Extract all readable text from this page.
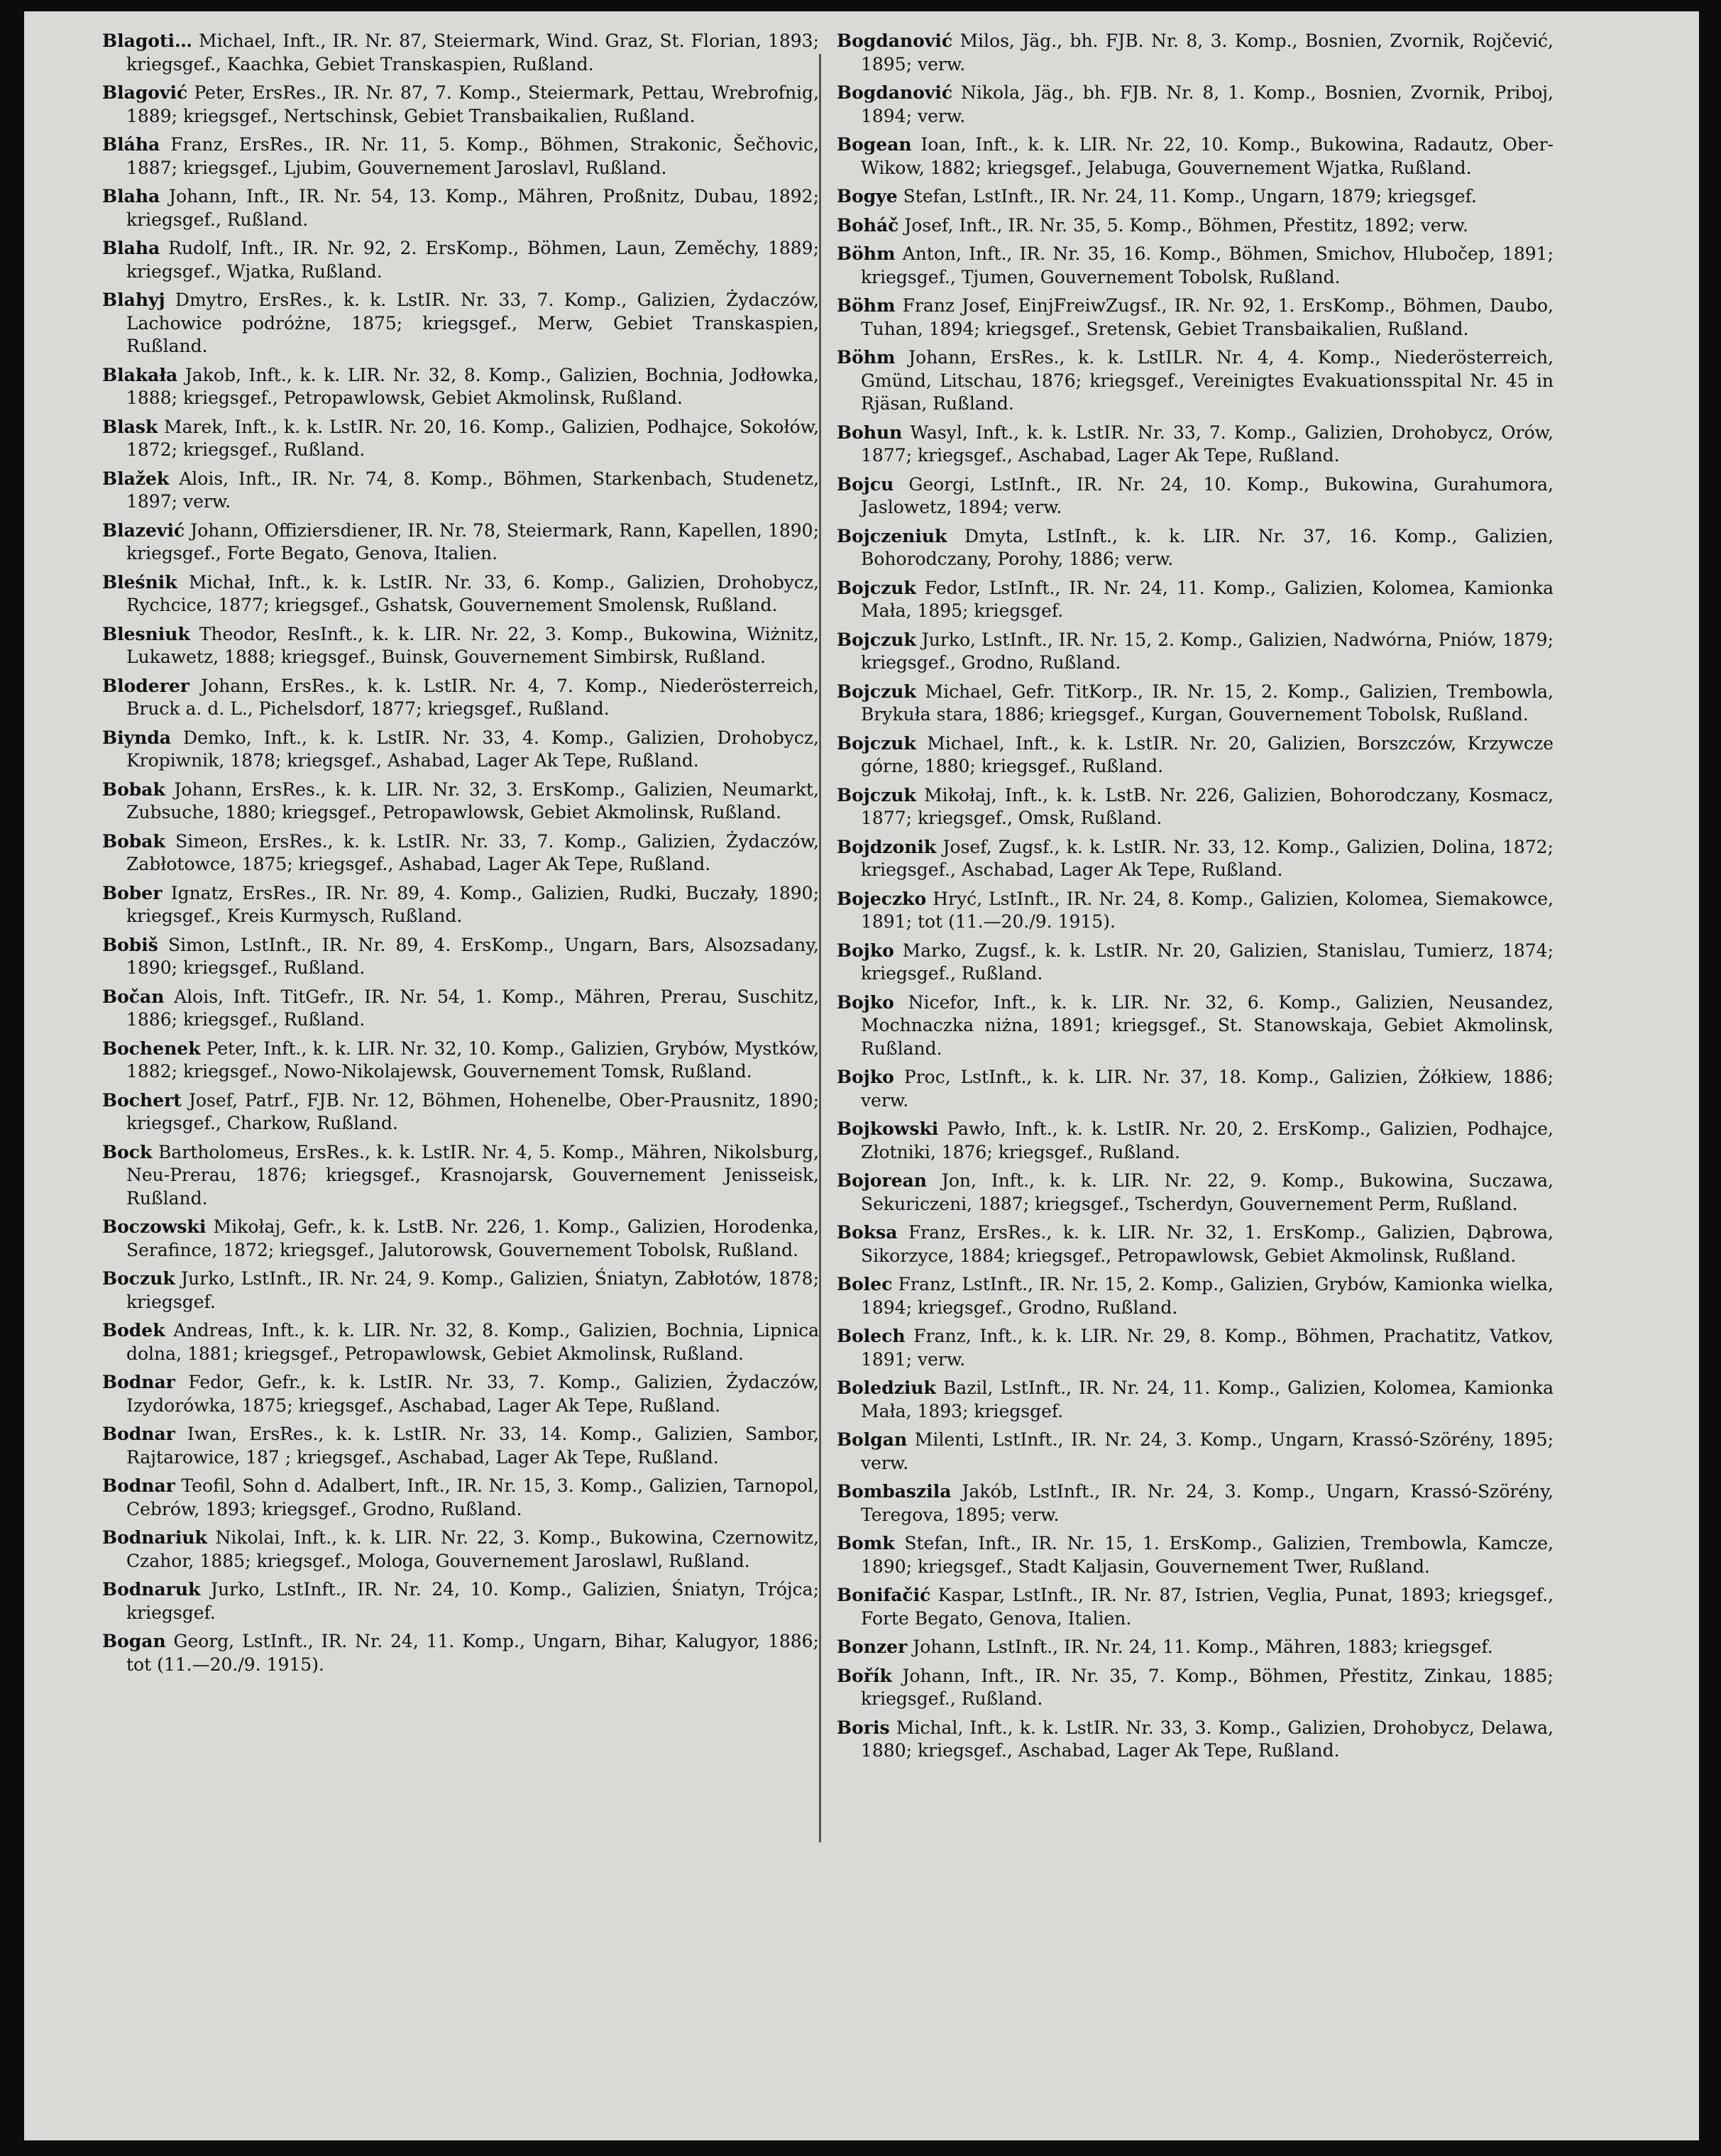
Blagoti… Michael, Inft., IR. Nr. 87, Steiermark, Wind. Graz, St. Florian, 1893; kriegsgef., Kaachka, Gebiet Transkaspien, Rußland.

Blagović Peter, ErsRes., IR. Nr. 87, 7. Komp., Steiermark, Pettau, Wrebrofnig, 1889; kriegsgef., Nertschinsk, Gebiet Transbaikalien, Rußland.

Bláha Franz, ErsRes., IR. Nr. 11, 5. Komp., Böhmen, Strakonic, Šečhovic, 1887; kriegsgef., Ljubim, Gouvernement Jaroslavl, Rußland.

Blaha Johann, Inft., IR. Nr. 54, 13. Komp., Mähren, Proßnitz, Dubau, 1892; kriegsgef., Rußland.

Blaha Rudolf, Inft., IR. Nr. 92, 2. ErsKomp., Böhmen, Laun, Zeměchy, 1889; kriegsgef., Wjatka, Rußland.

Blahyj Dmytro, ErsRes., k. k. LstIR. Nr. 33, 7. Komp., Galizien, Żydaczów, Lachowice podróżne, 1875; kriegsgef., Merw, Gebiet Transkaspien, Rußland.

Blakała Jakob, Inft., k. k. LIR. Nr. 32, 8. Komp., Galizien, Bochnia, Jodłowka, 1888; kriegsgef., Petropawlowsk, Gebiet Akmolinsk, Rußland.

Blask Marek, Inft., k. k. LstIR. Nr. 20, 16. Komp., Galizien, Podhajce, Sokołów, 1872; kriegsgef., Rußland.

Blažek Alois, Inft., IR. Nr. 74, 8. Komp., Böhmen, Starkenbach, Studenetz, 1897; verw.

Blazević Johann, Offiziersdiener, IR. Nr. 78, Steiermark, Rann, Kapellen, 1890; kriegsgef., Forte Begato, Genova, Italien.

Bleśnik Michał, Inft., k. k. LstIR. Nr. 33, 6. Komp., Galizien, Drohobycz, Rychcice, 1877; kriegsgef., Gshatsk, Gouvernement Smolensk, Rußland.

Blesniuk Theodor, ResInft., k. k. LIR. Nr. 22, 3. Komp., Bukowina, Wiżnitz, Lukawetz, 1888; kriegsgef., Buinsk, Gouvernement Simbirsk, Rußland.

Bloderer Johann, ErsRes., k. k. LstIR. Nr. 4, 7. Komp., Niederösterreich, Bruck a. d. L., Pichelsdorf, 1877; kriegsgef., Rußland.

Biynda Demko, Inft., k. k. LstIR. Nr. 33, 4. Komp., Galizien, Drohobycz, Kropiwnik, 1878; kriegsgef., Ashabad, Lager Ak Tepe, Rußland.

Bobak Johann, ErsRes., k. k. LIR. Nr. 32, 3. ErsKomp., Galizien, Neumarkt, Zubsuche, 1880; kriegsgef., Petropawlowsk, Gebiet Akmolinsk, Rußland.

Bobak Simeon, ErsRes., k. k. LstIR. Nr. 33, 7. Komp., Galizien, Żydaczów, Zabłotowce, 1875; kriegsgef., Ashabad, Lager Ak Tepe, Rußland.

Bober Ignatz, ErsRes., IR. Nr. 89, 4. Komp., Galizien, Rudki, Buczały, 1890; kriegsgef., Kreis Kurmysch, Rußland.

Bobiš Simon, LstInft., IR. Nr. 89, 4. ErsKomp., Ungarn, Bars, Alsozsadany, 1890; kriegsgef., Rußland.

Bočan Alois, Inft. TitGefr., IR. Nr. 54, 1. Komp., Mähren, Prerau, Suschitz, 1886; kriegsgef., Rußland.

Bochenek Peter, Inft., k. k. LIR. Nr. 32, 10. Komp., Galizien, Grybów, Mystków, 1882; kriegsgef., Nowo-Nikolajewsk, Gouvernement Tomsk, Rußland.

Bochert Josef, Patrf., FJB. Nr. 12, Böhmen, Hohenelbe, Ober-Prausnitz, 1890; kriegsgef., Charkow, Rußland.

Bock Bartholomeus, ErsRes., k. k. LstIR. Nr. 4, 5. Komp., Mähren, Nikolsburg, Neu-Prerau, 1876; kriegsgef., Krasnojarsk, Gouvernement Jenisseisk, Rußland.

Boczowski Mikołaj, Gefr., k. k. LstB. Nr. 226, 1. Komp., Galizien, Horodenka, Serafince, 1872; kriegsgef., Jalutorowsk, Gouvernement Tobolsk, Rußland.

Boczuk Jurko, LstInft., IR. Nr. 24, 9. Komp., Galizien, Śniatyn, Zabłotów, 1878; kriegsgef.

Bodek Andreas, Inft., k. k. LIR. Nr. 32, 8. Komp., Galizien, Bochnia, Lipnica dolna, 1881; kriegsgef., Petropawlowsk, Gebiet Akmolinsk, Rußland.

Bodnar Fedor, Gefr., k. k. LstIR. Nr. 33, 7. Komp., Galizien, Żydaczów, Izydorówka, 1875; kriegsgef., Aschabad, Lager Ak Tepe, Rußland.

Bodnar Iwan, ErsRes., k. k. LstIR. Nr. 33, 14. Komp., Galizien, Sambor, Rajtarowice, 187 ; kriegsgef., Aschabad, Lager Ak Tepe, Rußland.

Bodnar Teofil, Sohn d. Adalbert, Inft., IR. Nr. 15, 3. Komp., Galizien, Tarnopol, Cebrów, 1893; kriegsgef., Grodno, Rußland.

Bodnariuk Nikolai, Inft., k. k. LIR. Nr. 22, 3. Komp., Bukowina, Czernowitz, Czahor, 1885; kriegsgef., Mologa, Gouvernement Jaroslawl, Rußland.

Bodnaruk Jurko, LstInft., IR. Nr. 24, 10. Komp., Galizien, Śniatyn, Trójca; kriegsgef.

Bogan Georg, LstInft., IR. Nr. 24, 11. Komp., Ungarn, Bihar, Kalugyor, 1886; tot (11.—20./9. 1915).

Bogdanović Milos, Jäg., bh. FJB. Nr. 8, 3. Komp., Bosnien, Zvornik, Rojčević, 1895; verw.

Bogdanović Nikola, Jäg., bh. FJB. Nr. 8, 1. Komp., Bosnien, Zvornik, Priboj, 1894; verw.

Bogean Ioan, Inft., k. k. LIR. Nr. 22, 10. Komp., Bukowina, Radautz, Ober-Wikow, 1882; kriegsgef., Jelabuga, Gouvernement Wjatka, Rußland.

Bogye Stefan, LstInft., IR. Nr. 24, 11. Komp., Ungarn, 1879; kriegsgef.

Boháč Josef, Inft., IR. Nr. 35, 5. Komp., Böhmen, Přestitz, 1892; verw.

Böhm Anton, Inft., IR. Nr. 35, 16. Komp., Böhmen, Smichov, Hlubočep, 1891; kriegsgef., Tjumen, Gouvernement Tobolsk, Rußland.

Böhm Franz Josef, EinjFreiwZugsf., IR. Nr. 92, 1. ErsKomp., Böhmen, Daubo, Tuhan, 1894; kriegsgef., Sretensk, Gebiet Transbaikalien, Rußland.

Böhm Johann, ErsRes., k. k. LstILR. Nr. 4, 4. Komp., Niederösterreich, Gmünd, Litschau, 1876; kriegsgef., Vereinigtes Evakuationsspital Nr. 45 in Rjäsan, Rußland.

Bohun Wasyl, Inft., k. k. LstIR. Nr. 33, 7. Komp., Galizien, Drohobycz, Orów, 1877; kriegsgef., Aschabad, Lager Ak Tepe, Rußland.

Bojcu Georgi, LstInft., IR. Nr. 24, 10. Komp., Bukowina, Gurahumora, Jaslowetz, 1894; verw.

Bojczeniuk Dmyta, LstInft., k. k. LIR. Nr. 37, 16. Komp., Galizien, Bohorodczany, Porohy, 1886; verw.

Bojczuk Fedor, LstInft., IR. Nr. 24, 11. Komp., Galizien, Kolomea, Kamionka Mała, 1895; kriegsgef.

Bojczuk Jurko, LstInft., IR. Nr. 15, 2. Komp., Galizien, Nadwórna, Pniów, 1879; kriegsgef., Grodno, Rußland.

Bojczuk Michael, Gefr. TitKorp., IR. Nr. 15, 2. Komp., Galizien, Trembowla, Brykuła stara, 1886; kriegsgef., Kurgan, Gouvernement Tobolsk, Rußland.

Bojczuk Michael, Inft., k. k. LstIR. Nr. 20, Galizien, Borszczów, Krzywcze górne, 1880; kriegsgef., Rußland.

Bojczuk Mikołaj, Inft., k. k. LstB. Nr. 226, Galizien, Bohorodczany, Kosmacz, 1877; kriegsgef., Omsk, Rußland.

Bojdzonik Josef, Zugsf., k. k. LstIR. Nr. 33, 12. Komp., Galizien, Dolina, 1872; kriegsgef., Aschabad, Lager Ak Tepe, Rußland.

Bojeczko Hryć, LstInft., IR. Nr. 24, 8. Komp., Galizien, Kolomea, Siemakowce, 1891; tot (11.—20./9. 1915).

Bojko Marko, Zugsf., k. k. LstIR. Nr. 20, Galizien, Stanislau, Tumierz, 1874; kriegsgef., Rußland.

Bojko Nicefor, Inft., k. k. LIR. Nr. 32, 6. Komp., Galizien, Neusandez, Mochnaczka niżna, 1891; kriegsgef., St. Stanowskaja, Gebiet Akmolinsk, Rußland.

Bojko Proc, LstInft., k. k. LIR. Nr. 37, 18. Komp., Galizien, Żółkiew, 1886; verw.

Bojkowski Pawło, Inft., k. k. LstIR. Nr. 20, 2. ErsKomp., Galizien, Podhajce, Złotniki, 1876; kriegsgef., Rußland.

Bojorean Jon, Inft., k. k. LIR. Nr. 22, 9. Komp., Bukowina, Suczawa, Sekuriczeni, 1887; kriegsgef., Tscherdyn, Gouvernement Perm, Rußland.

Boksa Franz, ErsRes., k. k. LIR. Nr. 32, 1. ErsKomp., Galizien, Dąbrowa, Sikorzyce, 1884; kriegsgef., Petropawlowsk, Gebiet Akmolinsk, Rußland.

Bolec Franz, LstInft., IR. Nr. 15, 2. Komp., Galizien, Grybów, Kamionka wielka, 1894; kriegsgef., Grodno, Rußland.

Bolech Franz, Inft., k. k. LIR. Nr. 29, 8. Komp., Böhmen, Prachatitz, Vatkov, 1891; verw.

Boledziuk Bazil, LstInft., IR. Nr. 24, 11. Komp., Galizien, Kolomea, Kamionka Mała, 1893; kriegsgef.

Bolgan Milenti, LstInft., IR. Nr. 24, 3. Komp., Ungarn, Krassó-Szörény, 1895; verw.

Bombaszila Jakób, LstInft., IR. Nr. 24, 3. Komp., Ungarn, Krassó-Szörény, Teregova, 1895; verw.

Bomk Stefan, Inft., IR. Nr. 15, 1. ErsKomp., Galizien, Trembowla, Kamcze, 1890; kriegsgef., Stadt Kaljasin, Gouvernement Twer, Rußland.

Bonifačić Kaspar, LstInft., IR. Nr. 87, Istrien, Veglia, Punat, 1893; kriegsgef., Forte Begato, Genova, Italien.

Bonzer Johann, LstInft., IR. Nr. 24, 11. Komp., Mähren, 1883; kriegsgef.

Bořík Johann, Inft., IR. Nr. 35, 7. Komp., Böhmen, Přestitz, Zinkau, 1885; kriegsgef., Rußland.

Boris Michal, Inft., k. k. LstIR. Nr. 33, 3. Komp., Galizien, Drohobycz, Delawa, 1880; kriegsgef., Aschabad, Lager Ak Tepe, Rußland.
